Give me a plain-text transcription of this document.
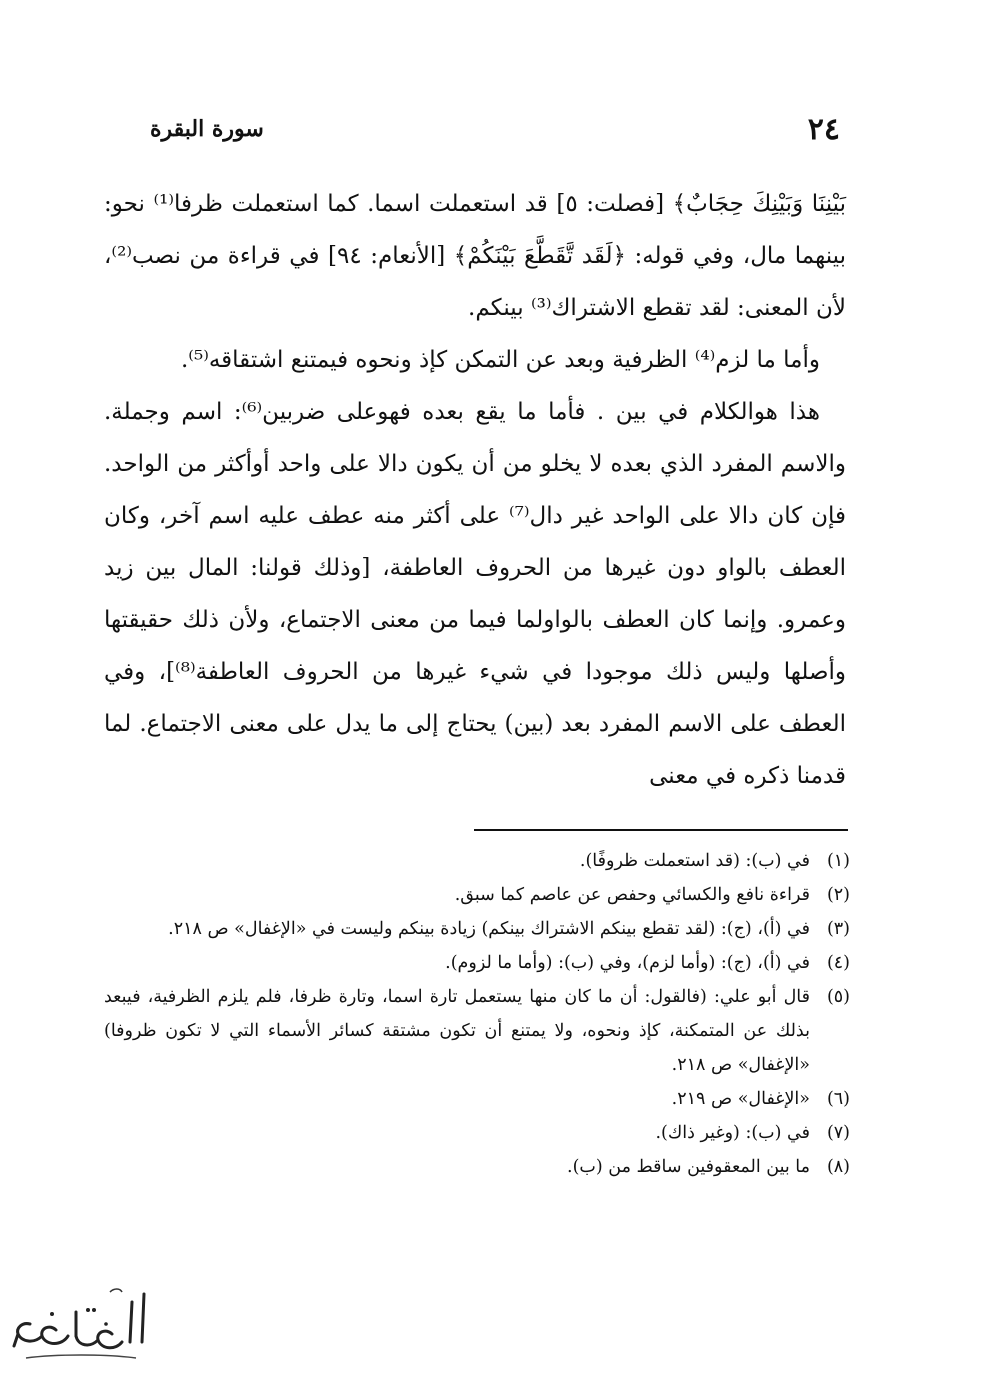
٢٤
سورة البقرة

بَيْنِنَا وَبَيْنِكَ حِجَابٌ﴾ [فصلت: ٥] قد استعملت اسما. كما استعملت ظرفا⁽¹⁾ نحو: بينهما مال، وفي قوله: ﴿لَقَد تَّقَطَّعَ بَيْنَكُمْ﴾ [الأنعام: ٩٤] في قراءة من نصب⁽²⁾، لأن المعنى: لقد تقطع الاشتراك⁽³⁾ بينكم.

وأما ما لزم⁽⁴⁾ الظرفية وبعد عن التمكن كإذ ونحوه فيمتنع اشتقاقه⁽⁵⁾.

هذا هوالكلام في بين . فأما ما يقع بعده فهوعلى ضربين⁽⁶⁾: اسم وجملة. والاسم المفرد الذي بعده لا يخلو من أن يكون دالا على واحد أوأكثر من الواحد. فإن كان دالا على الواحد غير دال⁽⁷⁾ على أكثر منه عطف عليه اسم آخر، وكان العطف بالواو دون غيرها من الحروف العاطفة، [وذلك قولنا: المال بين زيد وعمرو. وإنما كان العطف بالواولما فيما من معنى الاجتماع، ولأن ذلك حقيقتها وأصلها وليس ذلك موجودا في شيء غيرها من الحروف العاطفة⁽⁸⁾]، وفي العطف على الاسم المفرد بعد (بين) يحتاج إلى ما يدل على معنى الاجتماع. لما قدمنا ذكره في معنى

(١)
في (ب): (قد استعملت ظروفًا).
(٢)
قراءة نافع والكسائي وحفص عن عاصم كما سبق.
(٣)
في (أ)، (ج): (لقد تقطع بينكم الاشتراك بينكم) زيادة بينكم وليست في «الإغفال» ص ٢١٨.
(٤)
في (أ)، (ج): (وأما لزم)، وفي (ب): (وأما ما لزوم).
(٥)
قال أبو علي: (فالقول: أن ما كان منها يستعمل تارة اسما، وتارة ظرفا، فلم يلزم الظرفية، فيبعد بذلك عن المتمكنة، كإذ ونحوه، ولا يمتنع أن تكون مشتقة كسائر الأسماء التي لا تكون ظروفا) «الإغفال» ص ٢١٨.
(٦)
«الإغفال» ص ٢١٩.
(٧)
في (ب): (وغير ذاك).
(٨)
ما بين المعقوفين ساقط من (ب).
